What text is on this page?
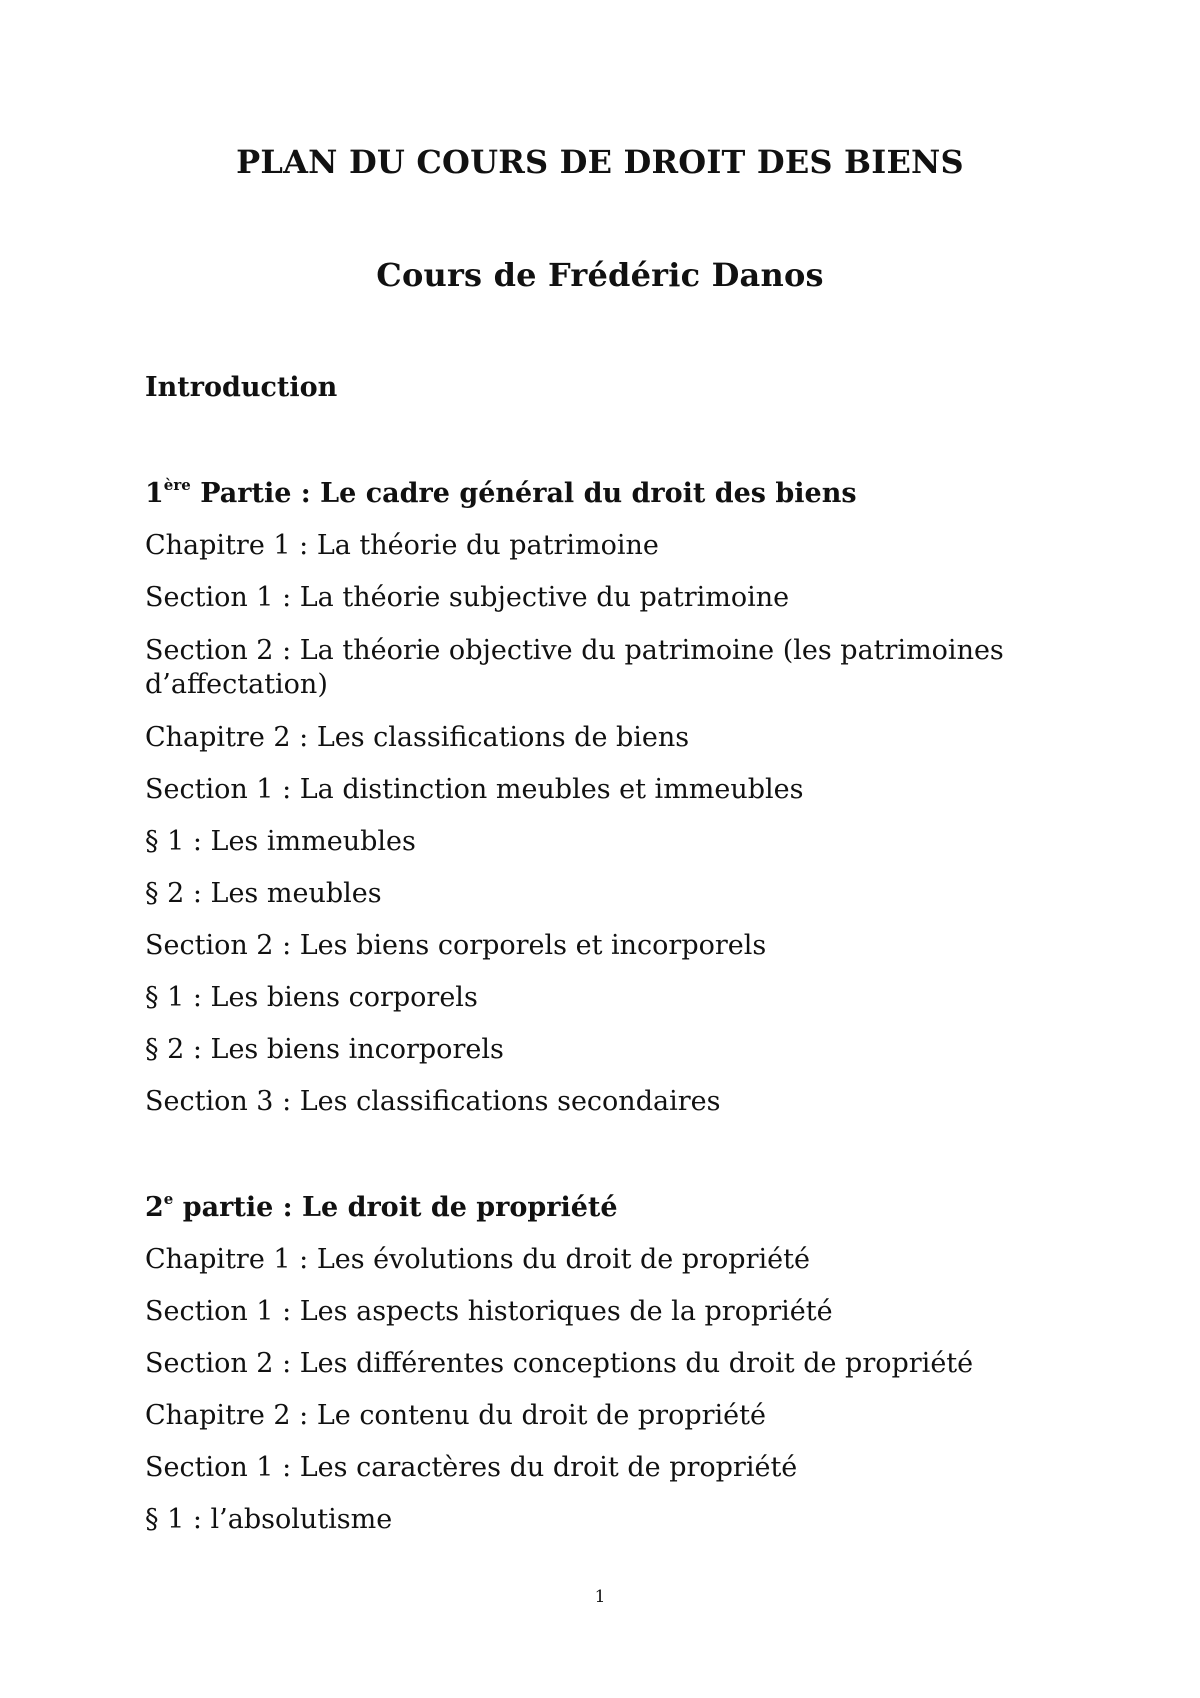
PLAN DU COURS DE DROIT DES BIENS
Cours de Frédéric Danos
Introduction
1ère Partie : Le cadre général du droit des biens
Chapitre 1 : La théorie du patrimoine
Section 1 : La théorie subjective du patrimoine
Section 2 : La théorie objective du patrimoine (les patrimoines d’affectation)
Chapitre 2 : Les classifications de biens
Section 1 : La distinction meubles et immeubles
§ 1 : Les immeubles
§ 2 : Les meubles
Section 2 : Les biens corporels et incorporels
§ 1 : Les biens corporels
§ 2 : Les biens incorporels
Section 3 : Les classifications secondaires
2e partie : Le droit de propriété
Chapitre 1 : Les évolutions du droit de propriété
Section 1 : Les aspects historiques de la propriété
Section 2 : Les différentes conceptions du droit de propriété
Chapitre 2 : Le contenu du droit de propriété
Section 1 : Les caractères du droit de propriété
§ 1 : l’absolutisme
1
